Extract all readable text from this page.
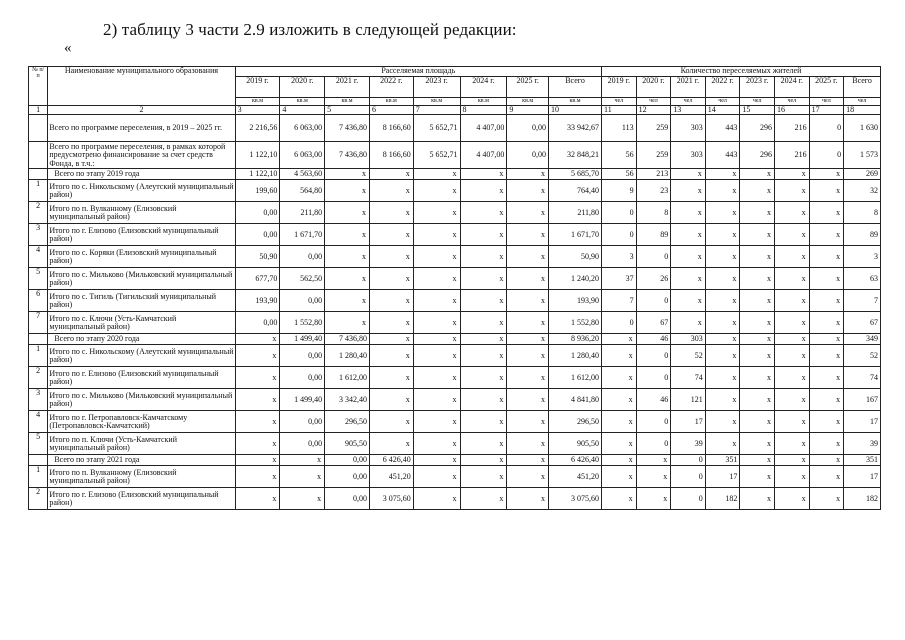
2) таблицу 3 части 2.9 изложить в следующей редакции:
«
№ п/ п	Наименование муниципального образования	Расселяемая площадь								Количество переселяемых жителей							
		2019 г.	2020 г.	2021 г.	2022 г.	2023 г.	2024 г.	2025 г.	Всего	2019 г.	2020 г.	2021 г.	2022 г.	2023 г.	2024 г.	2025 г.	Всего
		кв.м	кв.м	кв.м	кв.м	кв.м	кв.м	кв.м	кв.м	чел	чел	чел	чел	чел	чел	чел	чел
1	2	3	4	5	6	7	8	9	10	11	12	13	14	15	16	17	18
	Всего по программе переселения, в 2019 – 2025 гг.	2 216,56	6 063,00	7 436,80	8 166,60	5 652,71	4 407,00	0,00	33 942,67	113	259	303	443	296	216	0	1 630
	Всего по программе переселения, в рамках которой предусмотрено финансирование за счет средств Фонда, в т.ч.:	1 122,10	6 063,00	7 436,80	8 166,60	5 652,71	4 407,00	0,00	32 848,21	56	259	303	443	296	216	0	1 573
	Всего по этапу 2019 года	1 122,10	4 563,60	x	x	x	x	x	5 685,70	56	213	x	x	x	x	x	269
1	Итого по с. Никольскому (Алеутский муниципальный район)	199,60	564,80	x	x	x	x	x	764,40	9	23	x	x	x	x	x	32
2	Итого по п. Вулканному (Елизовский муниципальный район)	0,00	211,80	x	x	x	x	x	211,80	0	8	x	x	x	x	x	8
3	Итого по г. Елизово (Елизовский муниципальный район)	0,00	1 671,70	x	x	x	x	x	1 671,70	0	89	x	x	x	x	x	89
4	Итого по с. Коряки (Елизовский муниципальный район)	50,90	0,00	x	x	x	x	x	50,90	3	0	x	x	x	x	x	3
5	Итого по с. Мильково (Мильковский муниципальный район)	677,70	562,50	x	x	x	x	x	1 240,20	37	26	x	x	x	x	x	63
6	Итого по с. Тигиль (Тигильский муниципальный район)	193,90	0,00	x	x	x	x	x	193,90	7	0	x	x	x	x	x	7
7	Итого по с. Ключи (Усть-Камчатский муниципальный район)	0,00	1 552,80	x	x	x	x	x	1 552,80	0	67	x	x	x	x	x	67
	Всего по этапу 2020 года	x	1 499,40	7 436,80	x	x	x	x	8 936,20	x	46	303	x	x	x	x	349
1	Итого по с. Никольскому (Алеутский муниципальный район)	x	0,00	1 280,40	x	x	x	x	1 280,40	x	0	52	x	x	x	x	52
2	Итого по г. Елизово (Елизовский муниципальный район)	x	0,00	1 612,00	x	x	x	x	1 612,00	x	0	74	x	x	x	x	74
3	Итого по с. Мильково (Мильковский муниципальный район)	x	1 499,40	3 342,40	x	x	x	x	4 841,80	x	46	121	x	x	x	x	167
4	Итого по г. Петропавловск-Камчатскому (Петропавловск-Камчатский)	x	0,00	296,50	x	x	x	x	296,50	x	0	17	x	x	x	x	17
5	Итого по п. Ключи (Усть-Камчатский муниципальный район)	x	0,00	905,50	x	x	x	x	905,50	x	0	39	x	x	x	x	39
	Всего по этапу 2021 года	x	x	0,00	6 426,40	x	x	x	6 426,40	x	x	0	351	x	x	x	351
1	Итого по п. Вулканному (Елизовский муниципальный район)	x	x	0,00	451,20	x	x	x	451,20	x	x	0	17	x	x	x	17
2	Итого по г. Елизово (Елизовский муниципальный район)	x	x	0,00	3 075,60	x	x	x	3 075,60	x	x	0	182	x	x	x	182
